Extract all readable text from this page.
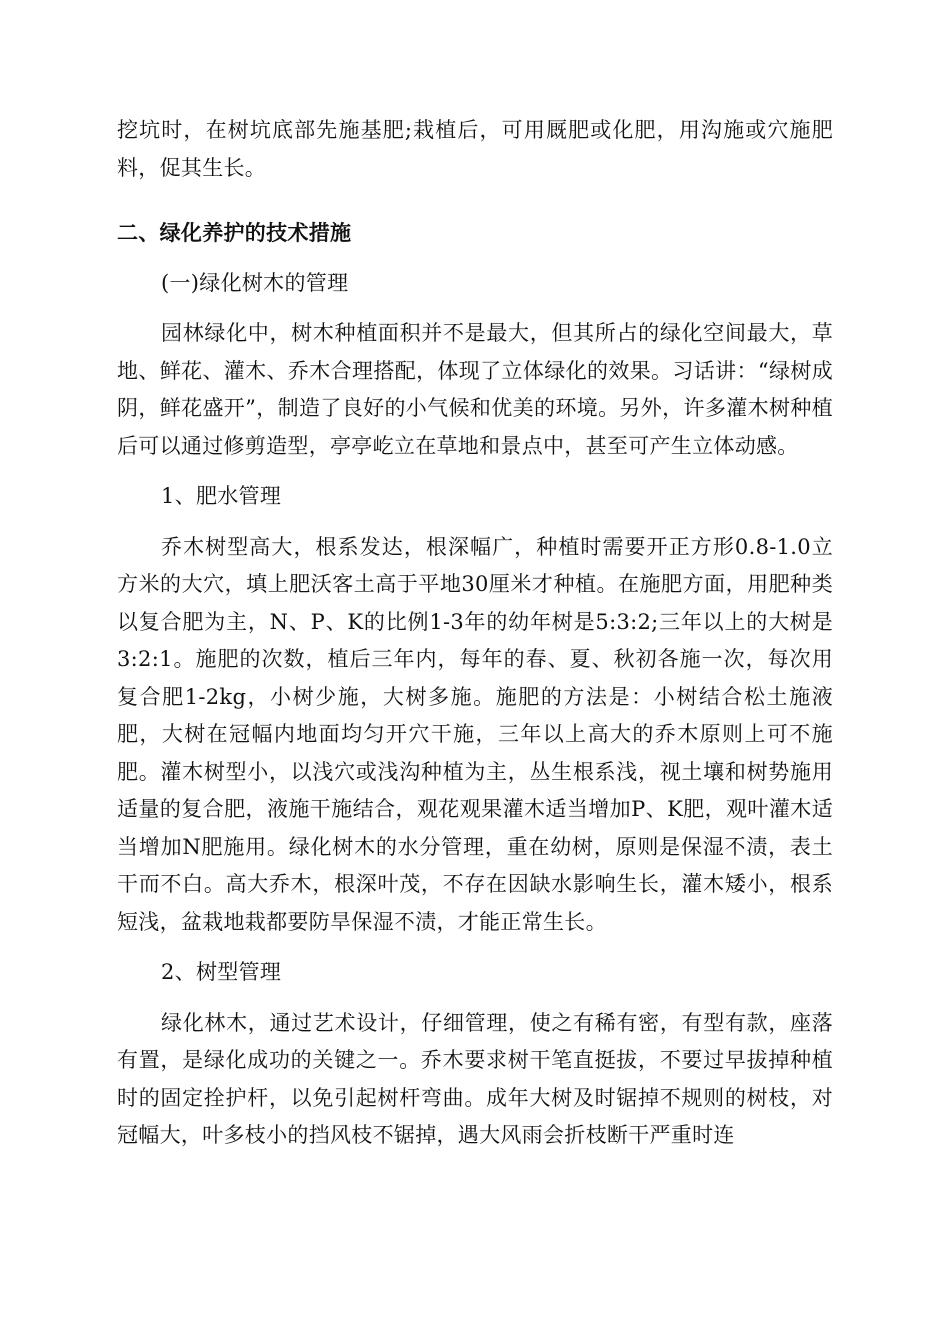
挖坑时，在树坑底部先施基肥;栽植后，可用厩肥或化肥，用沟施或穴施肥料，促其生长。

二、绿化养护的技术措施

(一)绿化树木的管理

园林绿化中，树木种植面积并不是最大，但其所占的绿化空间最大，草地、鲜花、灌木、乔木合理搭配，体现了立体绿化的效果。习话讲：“绿树成阴，鲜花盛开”，制造了良好的小气候和优美的环境。另外，许多灌木树种植后可以通过修剪造型，亭亭屹立在草地和景点中，甚至可产生立体动感。

1、肥水管理

乔木树型高大，根系发达，根深幅广，种植时需要开正方形0.8-1.0立方米的大穴，填上肥沃客土高于平地30厘米才种植。在施肥方面，用肥种类以复合肥为主，N、P、K的比例1-3年的幼年树是5:3:2;三年以上的大树是3:2:1。施肥的次数，植后三年内，每年的春、夏、秋初各施一次，每次用复合肥1-2kg，小树少施，大树多施。施肥的方法是：小树结合松土施液肥，大树在冠幅内地面均匀开穴干施，三年以上高大的乔木原则上可不施肥。灌木树型小，以浅穴或浅沟种植为主，丛生根系浅，视土壤和树势施用适量的复合肥，液施干施结合，观花观果灌木适当增加P、K肥，观叶灌木适当增加N肥施用。绿化树木的水分管理，重在幼树，原则是保湿不渍，表土干而不白。高大乔木，根深叶茂，不存在因缺水影响生长，灌木矮小，根系短浅，盆栽地栽都要防旱保湿不渍，才能正常生长。

2、树型管理

绿化林木，通过艺术设计，仔细管理，使之有稀有密，有型有款，座落有置，是绿化成功的关键之一。乔木要求树干笔直挺拔，不要过早拔掉种植时的固定拴护杆，以免引起树杆弯曲。成年大树及时锯掉不规则的树枝，对冠幅大，叶多枝小的挡风枝不锯掉，遇大风雨会折枝断干严重时连
